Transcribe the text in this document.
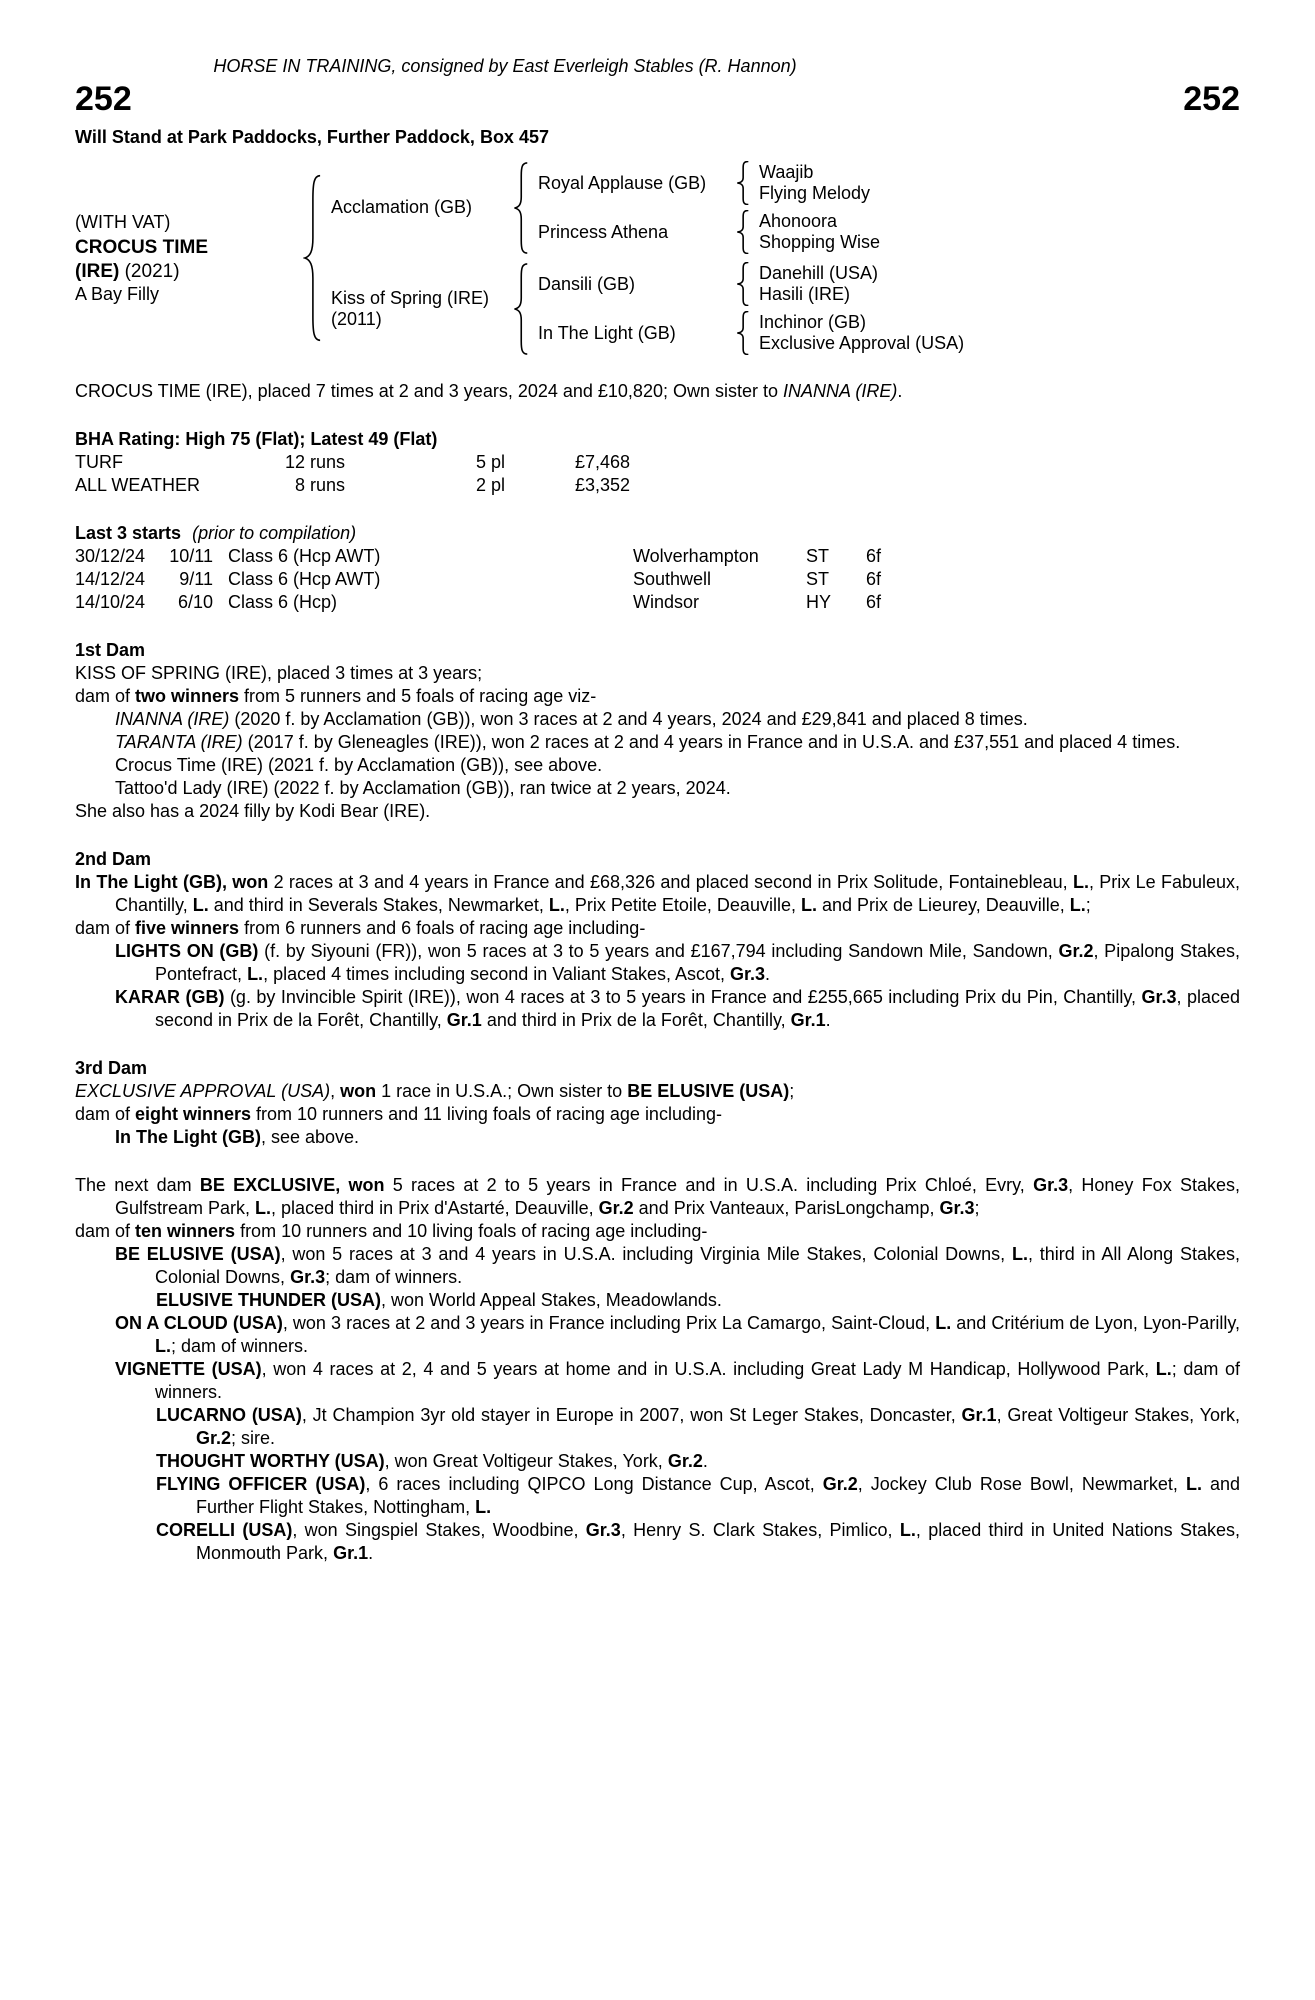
HORSE IN TRAINING, consigned by East Everleigh Stables (R. Hannon)
252	252
Will Stand at Park Paddocks, Further Paddock, Box 457
(WITH VAT)
CROCUS TIME
(IRE) (2021)
A Bay Filly
Acclamation (GB)
Royal Applause (GB)
Waajib
Flying Melody
Princess Athena
Ahonoora
Shopping Wise
Kiss of Spring (IRE)
(2011)
Dansili (GB)
Danehill (USA)
Hasili (IRE)
In The Light (GB)
Inchinor (GB)
Exclusive Approval (USA)

CROCUS TIME (IRE), placed 7 times at 2 and 3 years, 2024 and £10,820; Own sister to INANNA (IRE).

BHA Rating: High 75 (Flat); Latest 49 (Flat)
TURF	12 runs	5 pl	£7,468
ALL WEATHER	8 runs	2 pl	£3,352
Last 3 starts (prior to compilation)
30/12/24	10/11 Class 6 (Hcp AWT)	Wolverhampton	ST	6f
14/12/24	9/11 Class 6 (Hcp AWT)	Southwell	ST	6f
14/10/24	6/10 Class 6 (Hcp)	Windsor	HY	6f
1st Dam

KISS OF SPRING (IRE), placed 3 times at 3 years;

dam of two winners from 5 runners and 5 foals of racing age viz-

INANNA (IRE) (2020 f. by Acclamation (GB)), won 3 races at 2 and 4 years, 2024 and £29,841 and placed 8 times.

TARANTA (IRE) (2017 f. by Gleneagles (IRE)), won 2 races at 2 and 4 years in France and in U.S.A. and £37,551 and placed 4 times.

Crocus Time (IRE) (2021 f. by Acclamation (GB)), see above.

Tattoo'd Lady (IRE) (2022 f. by Acclamation (GB)), ran twice at 2 years, 2024.

She also has a 2024 filly by Kodi Bear (IRE).

2nd Dam

In The Light (GB), won 2 races at 3 and 4 years in France and £68,326 and placed second in Prix Solitude, Fontainebleau, L., Prix Le Fabuleux, Chantilly, L. and third in Severals Stakes, Newmarket, L., Prix Petite Etoile, Deauville, L. and Prix de Lieurey, Deauville, L.;

dam of five winners from 6 runners and 6 foals of racing age including-

LIGHTS ON (GB) (f. by Siyouni (FR)), won 5 races at 3 to 5 years and £167,794 including Sandown Mile, Sandown, Gr.2, Pipalong Stakes, Pontefract, L., placed 4 times including second in Valiant Stakes, Ascot, Gr.3.

KARAR (GB) (g. by Invincible Spirit (IRE)), won 4 races at 3 to 5 years in France and £255,665 including Prix du Pin, Chantilly, Gr.3, placed second in Prix de la Forêt, Chantilly, Gr.1 and third in Prix de la Forêt, Chantilly, Gr.1.

3rd Dam

EXCLUSIVE APPROVAL (USA), won 1 race in U.S.A.; Own sister to BE ELUSIVE (USA);

dam of eight winners from 10 runners and 11 living foals of racing age including-

In The Light (GB), see above.

The next dam BE EXCLUSIVE, won 5 races at 2 to 5 years in France and in U.S.A. including Prix Chloé, Evry, Gr.3, Honey Fox Stakes, Gulfstream Park, L., placed third in Prix d'Astarté, Deauville, Gr.2 and Prix Vanteaux, ParisLongchamp, Gr.3;

dam of ten winners from 10 runners and 10 living foals of racing age including-

BE ELUSIVE (USA), won 5 races at 3 and 4 years in U.S.A. including Virginia Mile Stakes, Colonial Downs, L., third in All Along Stakes, Colonial Downs, Gr.3; dam of winners.

ELUSIVE THUNDER (USA), won World Appeal Stakes, Meadowlands.

ON A CLOUD (USA), won 3 races at 2 and 3 years in France including Prix La Camargo, Saint-Cloud, L. and Critérium de Lyon, Lyon-Parilly, L.; dam of winners.

VIGNETTE (USA), won 4 races at 2, 4 and 5 years at home and in U.S.A. including Great Lady M Handicap, Hollywood Park, L.; dam of winners.

LUCARNO (USA), Jt Champion 3yr old stayer in Europe in 2007, won St Leger Stakes, Doncaster, Gr.1, Great Voltigeur Stakes, York, Gr.2; sire.

THOUGHT WORTHY (USA), won Great Voltigeur Stakes, York, Gr.2.

FLYING OFFICER (USA), 6 races including QIPCO Long Distance Cup, Ascot, Gr.2, Jockey Club Rose Bowl, Newmarket, L. and Further Flight Stakes, Nottingham, L.

CORELLI (USA), won Singspiel Stakes, Woodbine, Gr.3, Henry S. Clark Stakes, Pimlico, L., placed third in United Nations Stakes, Monmouth Park, Gr.1.
